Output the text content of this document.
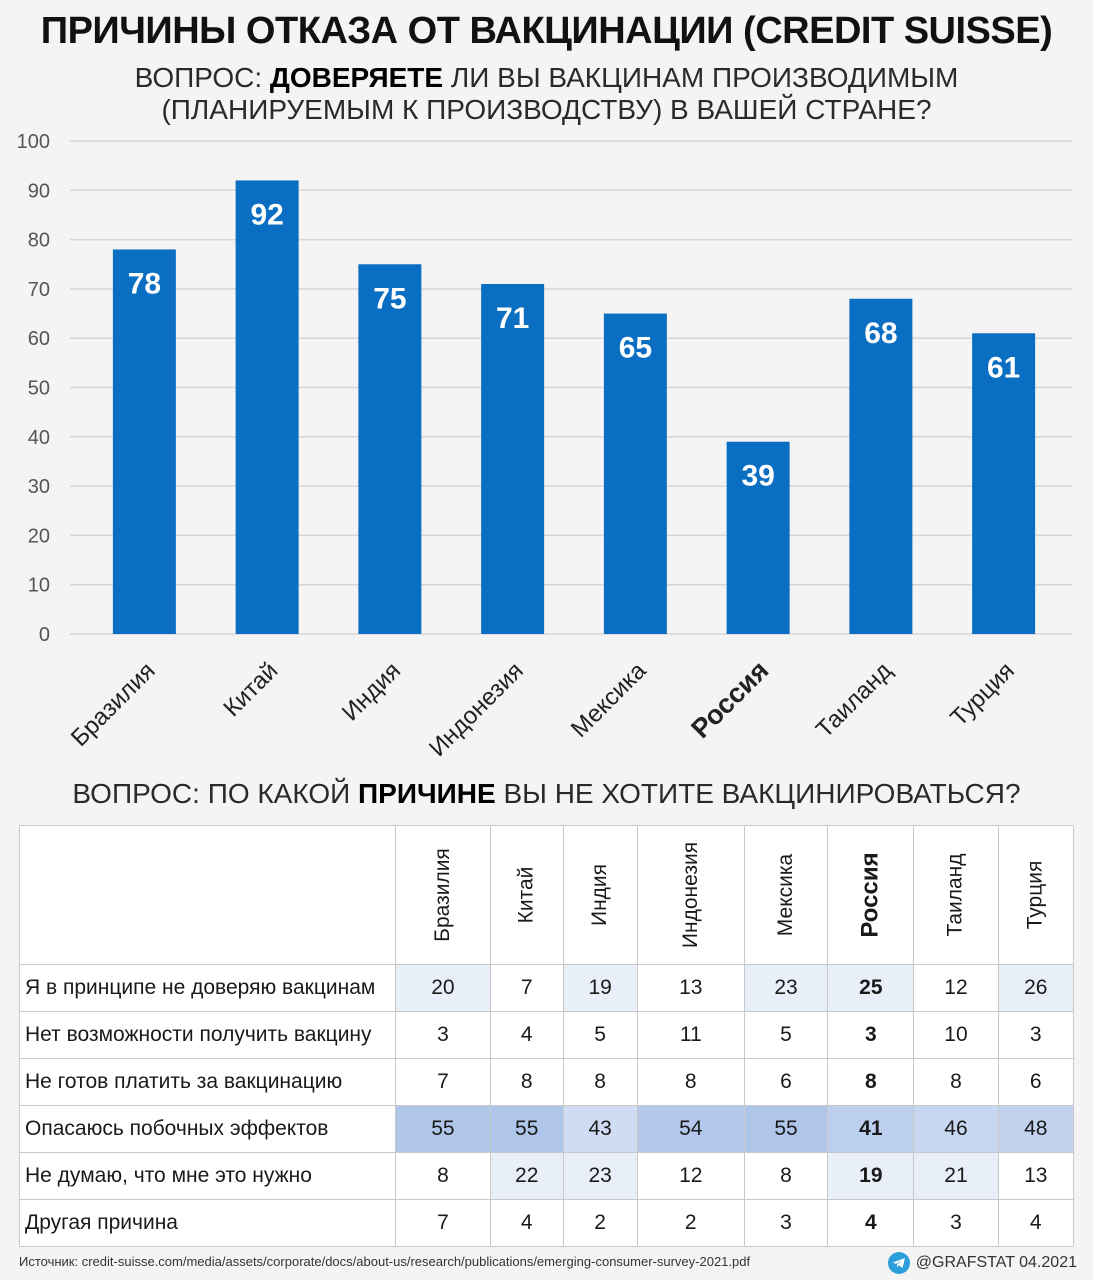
ПРИЧИНЫ ОТКАЗА ОТ ВАКЦИНАЦИИ (CREDIT SUISSE)
ВОПРОС: ДОВЕРЯЕТЕ ЛИ ВЫ ВАКЦИНАМ ПРОИЗВОДИМЫМ
(ПЛАНИРУЕМЫМ К ПРОИЗВОДСТВУ) В ВАШЕЙ СТРАНЕ?
0
10
20
30
40
50
60
70
80
90
100
78
Бразилия
92
Китай
75
Индия
71
Индонезия
65
Мексика
39
Россия
68
Таиланд
61
Турция
ВОПРОС: ПО КАКОЙ ПРИЧИНЕ ВЫ НЕ ХОТИТЕ ВАКЦИНИРОВАТЬСЯ?
	Бразилия	Китай	Индия	Индонезия	Мексика	Россия	Таиланд	Турция
Я в принципе не доверяю вакцинам	20	7	19	13	23	25	12	26
Нет возможности получить вакцину	3	4	5	11	5	3	10	3
Не готов платить за вакцинацию	7	8	8	8	6	8	8	6
Опасаюсь побочных эффектов	55	55	43	54	55	41	46	48
Не думаю, что мне это нужно	8	22	23	12	8	19	21	13
Другая причина	7	4	2	2	3	4	3	4
Источник: credit-suisse.com/media/assets/corporate/docs/about-us/research/publications/emerging-consumer-survey-2021.pdf	@GRAFSTAT 04.2021
